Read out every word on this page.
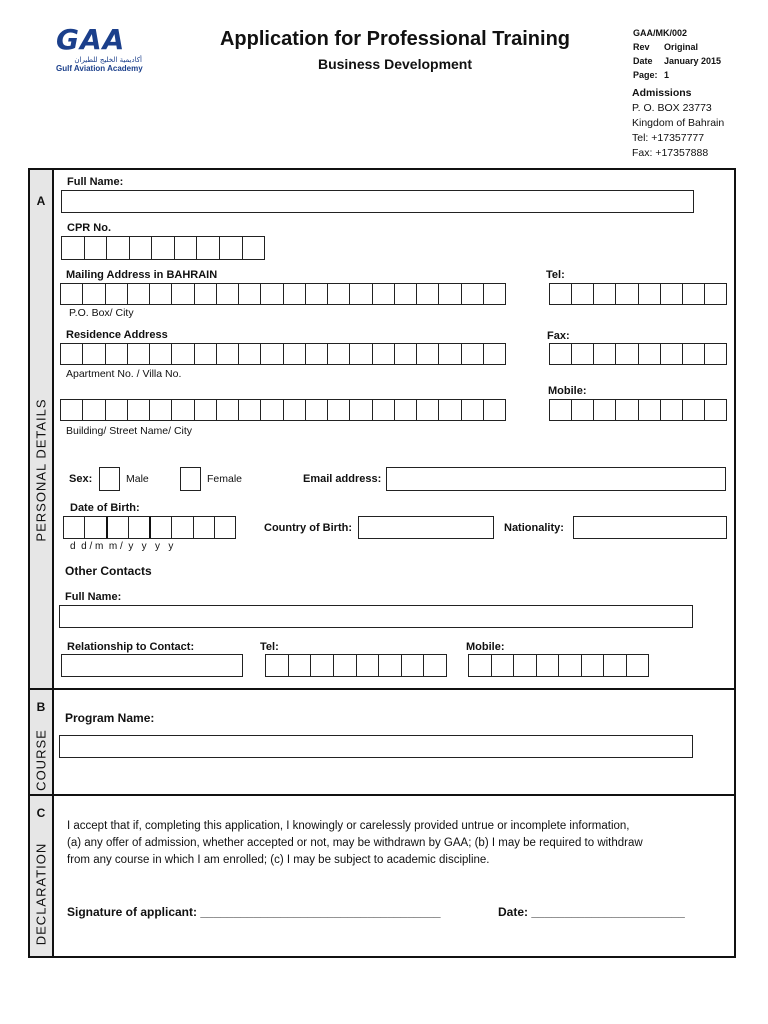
GAA
أكاديمية الخليج للطيران
Gulf Aviation Academy
Application for Professional Training
Business Development
GAA/MK/002
Rev Original
Date January 2015
Page: 1
Admissions
P. O. BOX 23773
Kingdom of Bahrain
Tel: +17357777
Fax: +17357888
A
PERSONAL DETAILS
Full Name:
CPR No.
Mailing Address in BAHRAIN	Tel:
P.O. Box/ City
Residence Address	Fax:
Apartment No. / Villa No.
Mobile:
Building/ Street Name/ City
Sex:	Male	Female	Email address:
Date of Birth:
d  d / m  m /  y   y   y   y
Country of Birth:	Nationality:
Other Contacts
Full Name:
Relationship to Contact:	Tel:	Mobile:
B
COURSE
Program Name:
C
DECLARATION
I accept that if, completing this application, I knowingly or carelessly provided untrue or incomplete information,
(a) any offer of admission, whether accepted or not, may be withdrawn by GAA; (b) I may be required to withdraw
from any course in which I am enrolled; (c) I may be subject to academic discipline.
Signature of applicant: ____________________________________	Date: _______________________
